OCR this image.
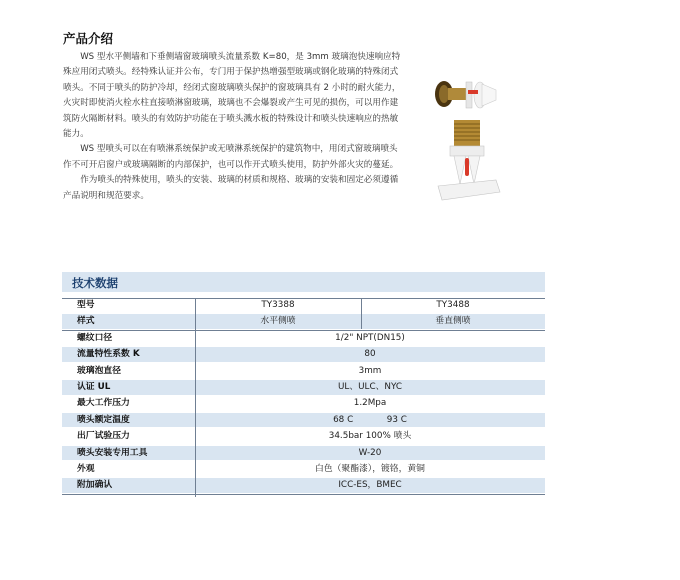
产品介绍

WS 型水平侧墙和下垂侧墙窗玻璃喷头流量系数 K=80，是 3mm 玻璃泡快速响应特殊应用闭式喷头。经特殊认证并公布，专门用于保护热增强型玻璃或钢化玻璃的特殊闭式喷头。不同于喷头的防护冷却，经闭式窗玻璃喷头保护的窗玻璃具有 2 小时的耐火能力，火灾时即使消火栓水柱直接喷淋窗玻璃，玻璃也不会爆裂或产生可见的损伤，可以用作建筑防火隔断材料。喷头的有效防护功能在于喷头溅水板的特殊设计和喷头快速响应的热敏能力。

WS 型喷头可以在有喷淋系统保护或无喷淋系统保护的建筑物中，用闭式窗玻璃喷头作不可开启窗户或玻璃隔断的内部保护，也可以作开式喷头使用，防护外部火灾的蔓延。

作为喷头的特殊使用，喷头的安装、玻璃的材质和规格、玻璃的安装和固定必须遵循产品说明和规范要求。

技术数据
型号	TY3388	TY3488
样式	水平侧喷	垂直侧喷
螺纹口径	1/2" NPT(DN15)
流量特性系数 K	80
玻璃泡直径	3mm
认证 UL	UL、ULC、NYC
最大工作压力	1.2Mpa
喷头额定温度	68 C            93 C
出厂试验压力	34.5bar 100% 喷头
喷头安装专用工具	W-20
外观	白色（聚酯漆），镀铬，黄铜
附加确认	ICC-ES，BMEC
